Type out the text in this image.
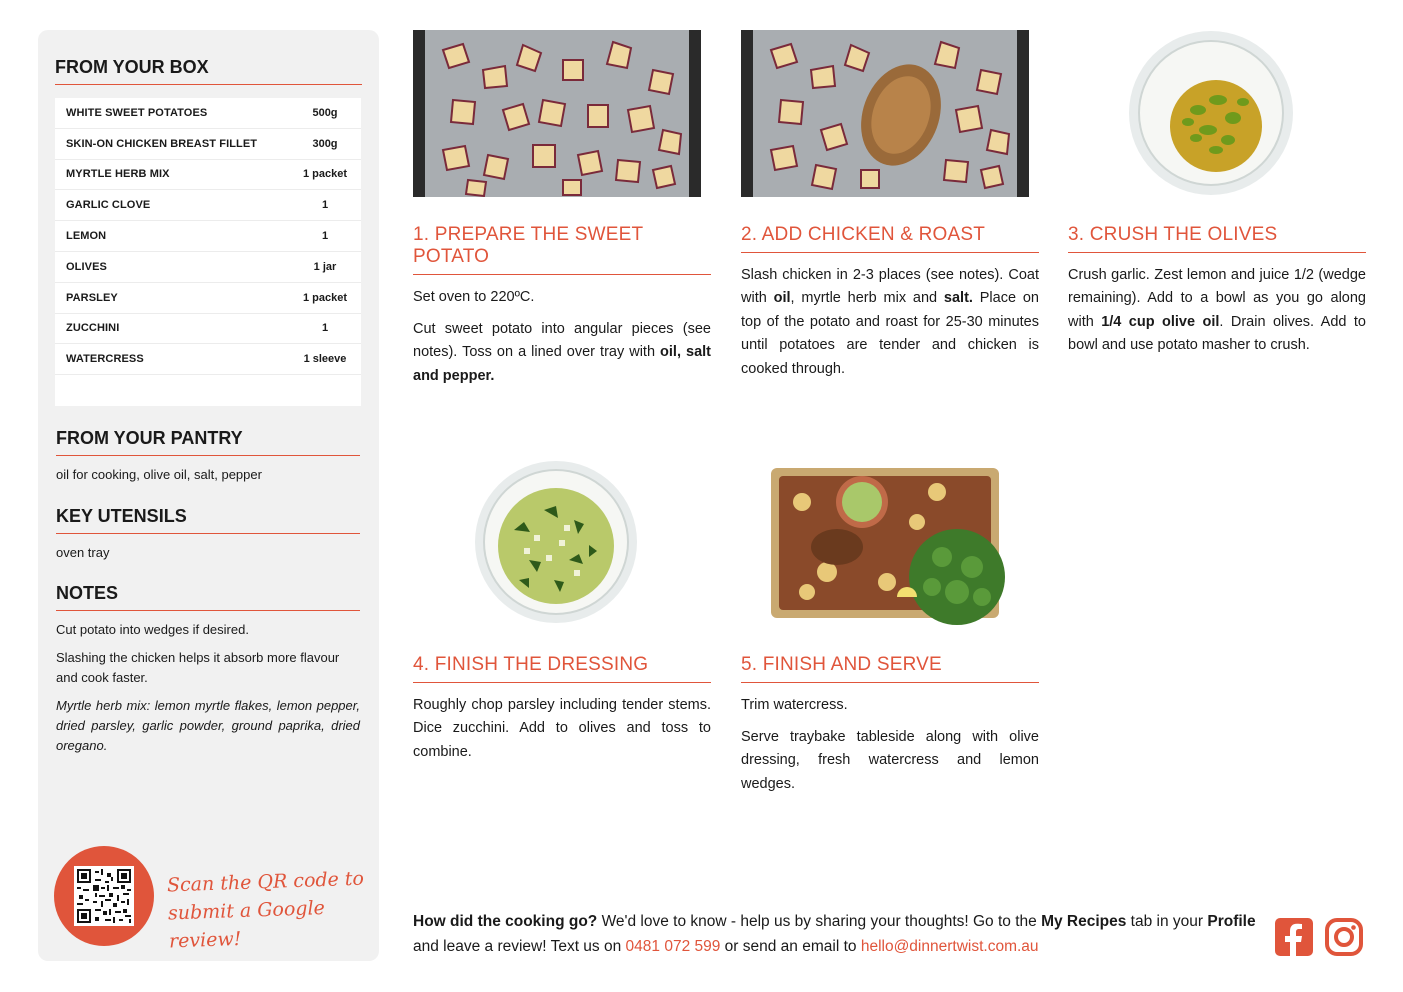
FROM YOUR BOX
WHITE SWEET POTATOES	500g
SKIN-ON CHICKEN BREAST FILLET	300g
MYRTLE HERB MIX	1 packet
GARLIC CLOVE	1
LEMON	1
OLIVES	1 jar
PARSLEY	1 packet
ZUCCHINI	1
WATERCRESS	1 sleeve
FROM YOUR PANTRY
oil for cooking, olive oil, salt, pepper
KEY UTENSILS
oven tray
NOTES
Cut potato into wedges if desired.
Slashing the chicken helps it absorb more flavour and cook faster.
Myrtle herb mix: lemon myrtle flakes, lemon pepper, dried parsley, garlic powder, ground paprika, dried oregano.
Scan the QR code to
submit a Google review!
1. PREPARE THE SWEET POTATO

Set oven to 220ºC.

Cut sweet potato into angular pieces (see notes). Toss on a lined over tray with oil, salt and pepper.

2. ADD CHICKEN & ROAST

Slash chicken in 2-3 places (see notes). Coat with oil, myrtle herb mix and salt. Place on top of the potato and roast for 25-30 minutes until potatoes are tender and chicken is cooked through.

3. CRUSH THE OLIVES

Crush garlic. Zest lemon and juice 1/2 (wedge remaining). Add to a bowl as you go along with 1/4 cup olive oil. Drain olives. Add to bowl and use potato masher to crush.

4. FINISH THE DRESSING

Roughly chop parsley including tender stems. Dice zucchini. Add to olives and toss to combine.

5. FINISH AND SERVE

Trim watercress.

Serve traybake tableside along with olive dressing, fresh watercress and lemon wedges.

How did the cooking go? We'd love to know - help us by sharing your thoughts! Go to the My Recipes tab in your Profile and leave a review! Text us on 0481 072 599 or send an email to hello@dinnertwist.com.au
